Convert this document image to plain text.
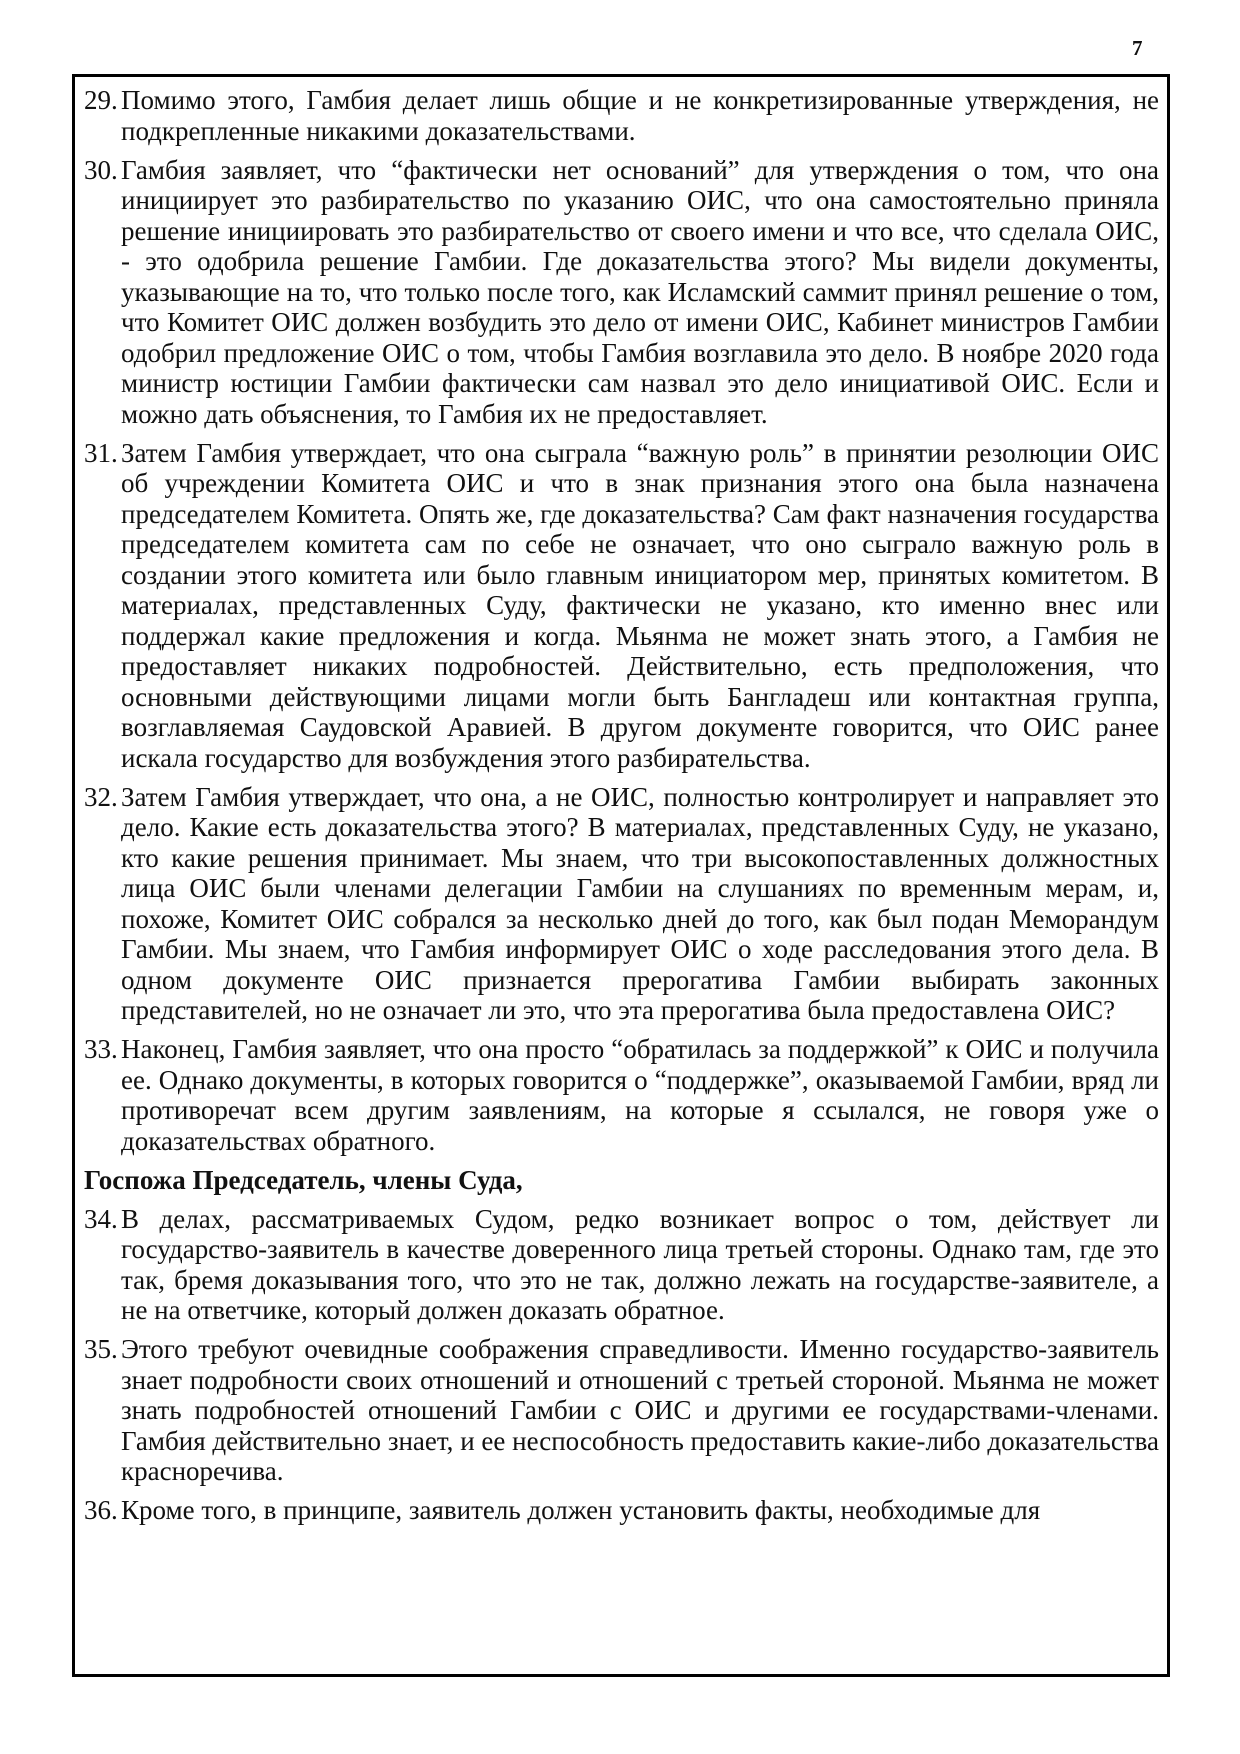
7
29. Помимо этого, Гамбия делает лишь общие и не конкретизированные утверждения, не подкрепленные никакими доказательствами.
30. Гамбия заявляет, что “фактически нет оснований” для утверждения о том, что она инициирует это разбирательство по указанию ОИС, что она самостоятельно приняла решение инициировать это разбирательство от своего имени и что все, что сделала ОИС, - это одобрила решение Гамбии. Где доказательства этого? Мы видели документы, указывающие на то, что только после того, как Исламский саммит принял решение о том, что Комитет ОИС должен возбудить это дело от имени ОИС, Кабинет министров Гамбии одобрил предложение ОИС о том, чтобы Гамбия возглавила это дело. В ноябре 2020 года министр юстиции Гамбии фактически сам назвал это дело инициативой ОИС. Если и можно дать объяснения, то Гамбия их не предоставляет.
31. Затем Гамбия утверждает, что она сыграла “важную роль” в принятии резолюции ОИС об учреждении Комитета ОИС и что в знак признания этого она была назначена председателем Комитета. Опять же, где доказательства? Сам факт назначения государства председателем комитета сам по себе не означает, что оно сыграло важную роль в создании этого комитета или было главным инициатором мер, принятых комитетом. В материалах, представленных Суду, фактически не указано, кто именно внес или поддержал какие предложения и когда. Мьянма не может знать этого, а Гамбия не предоставляет никаких подробностей. Действительно, есть предположения, что основными действующими лицами могли быть Бангладеш или контактная группа, возглавляемая Саудовской Аравией. В другом документе говорится, что ОИС ранее искала государство для возбуждения этого разбирательства.
32. Затем Гамбия утверждает, что она, а не ОИС, полностью контролирует и направляет это дело. Какие есть доказательства этого? В материалах, представленных Суду, не указано, кто какие решения принимает. Мы знаем, что три высокопоставленных должностных лица ОИС были членами делегации Гамбии на слушаниях по временным мерам, и, похоже, Комитет ОИС собрался за несколько дней до того, как был подан Меморандум Гамбии. Мы знаем, что Гамбия информирует ОИС о ходе расследования этого дела. В одном документе ОИС признается прерогатива Гамбии выбирать законных представителей, но не означает ли это, что эта прерогатива была предоставлена ОИС?
33. Наконец, Гамбия заявляет, что она просто “обратилась за поддержкой” к ОИС и получила ее. Однако документы, в которых говорится о “поддержке”, оказываемой Гамбии, вряд ли противоречат всем другим заявлениям, на которые я ссылался, не говоря уже о доказательствах обратного.
Госпожа Председатель, члены Суда,
34. В делах, рассматриваемых Судом, редко возникает вопрос о том, действует ли государство-заявитель в качестве доверенного лица третьей стороны. Однако там, где это так, бремя доказывания того, что это не так, должно лежать на государстве-заявителе, а не на ответчике, который должен доказать обратное.
35. Этого требуют очевидные соображения справедливости. Именно государство-заявитель знает подробности своих отношений и отношений с третьей стороной. Мьянма не может знать подробностей отношений Гамбии с ОИС и другими ее государствами-членами. Гамбия действительно знает, и ее неспособность предоставить какие-либо доказательства красноречива.
36. Кроме того, в принципе, заявитель должен установить факты, необходимые для
